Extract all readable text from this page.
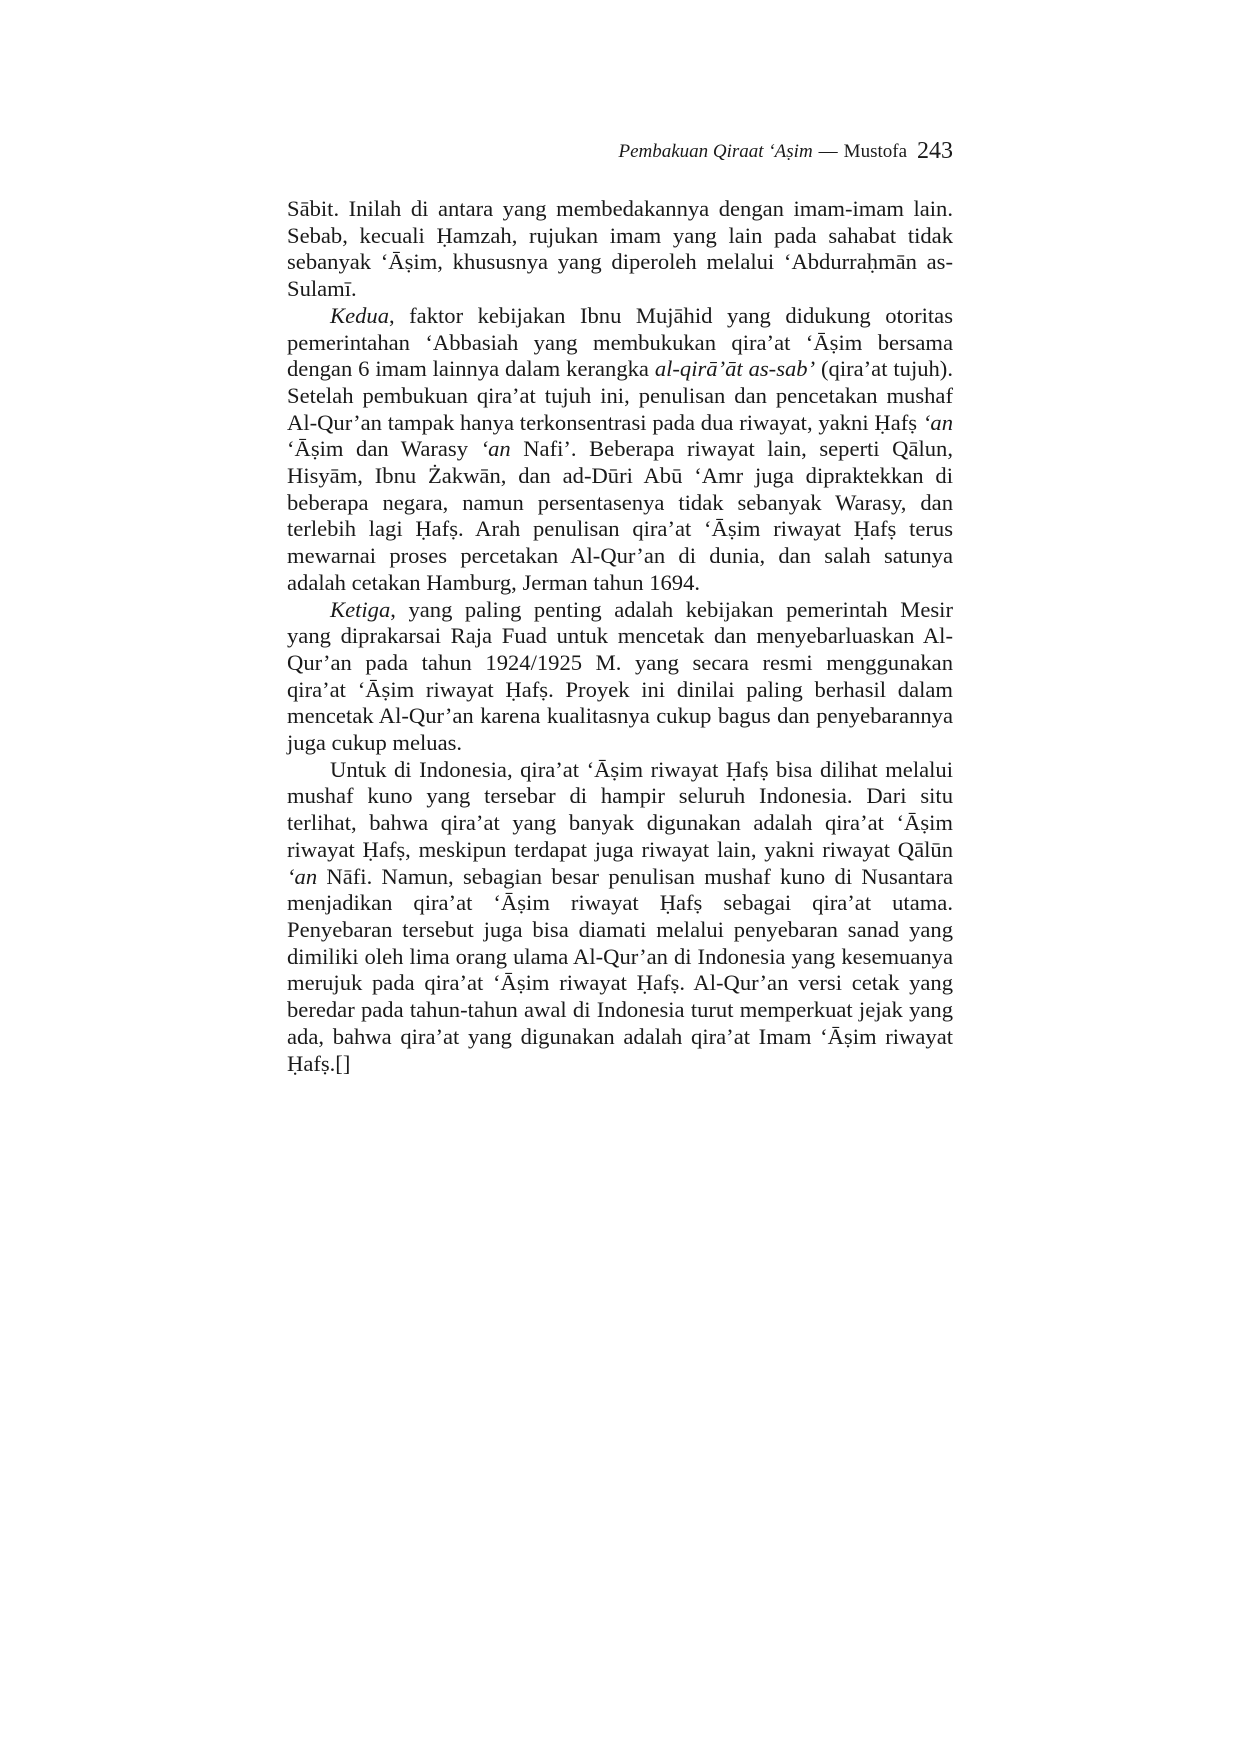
Pembakuan Qiraat ‘Aṣim — Mustofa 243

Sābit. Inilah di antara yang membedakannya dengan imam-imam lain. Sebab, kecuali Ḥamzah, rujukan imam yang lain pada sahabat tidak sebanyak ‘Āṣim, khususnya yang diperoleh melalui ‘Abdurraḥmān as-Sulamī.

Kedua, faktor kebijakan Ibnu Mujāhid yang didukung otoritas pemerintahan ‘Abbasiah yang membukukan qira’at ‘Āṣim bersama dengan 6 imam lainnya dalam kerangka al-qirā’āt as-sab’ (qira’at tujuh). Setelah pembukuan qira’at tujuh ini, penulisan dan pencetakan mushaf Al-Qur’an tampak hanya terkonsentrasi pada dua riwayat, yakni Ḥafṣ ‘an ‘Āṣim dan Warasy ‘an Nafi’. Beberapa riwayat lain, seperti Qālun, Hisyām, Ibnu Żakwān, dan ad-Dūri Abū ‘Amr juga dipraktekkan di beberapa negara, namun persentasenya tidak sebanyak Warasy, dan terlebih lagi Ḥafṣ. Arah penulisan qira’at ‘Āṣim riwayat Ḥafṣ terus mewarnai proses percetakan Al-Qur’an di dunia, dan salah satunya adalah cetakan Hamburg, Jerman tahun 1694.

Ketiga, yang paling penting adalah kebijakan pemerintah Mesir yang diprakarsai Raja Fuad untuk mencetak dan menyebarluaskan Al-Qur’an pada tahun 1924/1925 M. yang secara resmi menggunakan qira’at ‘Āṣim riwayat Ḥafṣ. Proyek ini dinilai paling berhasil dalam mencetak Al-Qur’an karena kualitasnya cukup bagus dan penyebarannya juga cukup meluas.

Untuk di Indonesia, qira’at ‘Āṣim riwayat Ḥafṣ bisa dilihat melalui mushaf kuno yang tersebar di hampir seluruh Indonesia. Dari situ terlihat, bahwa qira’at yang banyak digunakan adalah qira’at ‘Āṣim riwayat Ḥafṣ, meskipun terdapat juga riwayat lain, yakni riwayat Qālūn ‘an Nāfi. Namun, sebagian besar penulisan mushaf kuno di Nusantara menjadikan qira’at ‘Āṣim riwayat Ḥafṣ sebagai qira’at utama. Penyebaran tersebut juga bisa diamati melalui penyebaran sanad yang dimiliki oleh lima orang ulama Al-Qur’an di Indonesia yang kesemuanya merujuk pada qira’at ‘Āṣim riwayat Ḥafṣ. Al-Qur’an versi cetak yang beredar pada tahun-tahun awal di Indonesia turut memperkuat jejak yang ada, bahwa qira’at yang digunakan adalah qira’at Imam ‘Āṣim riwayat Ḥafṣ.[]
